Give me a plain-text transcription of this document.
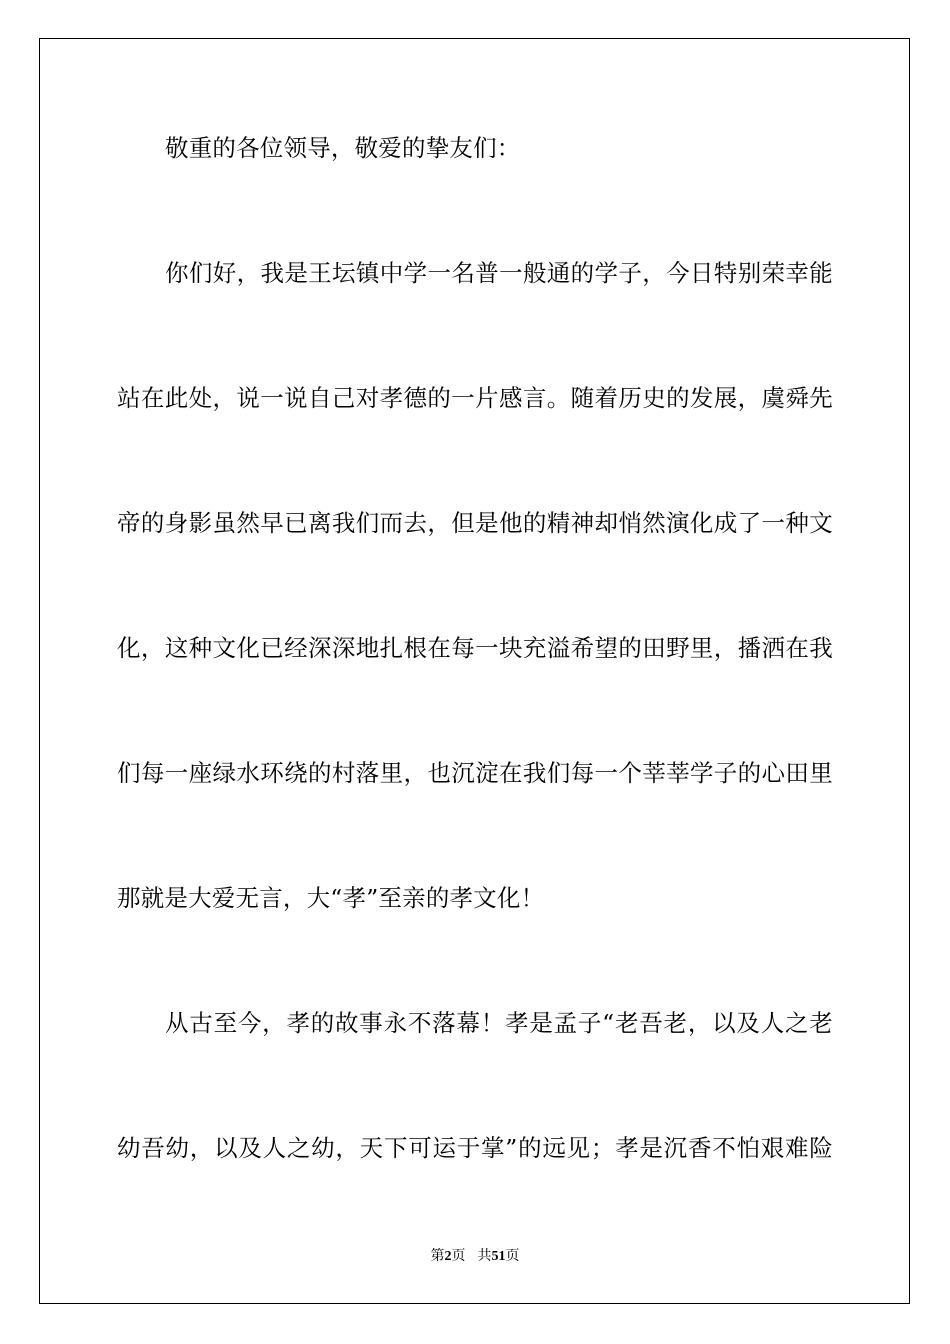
敬重的各位领导，敬爱的挚友们：
你们好，我是王坛镇中学一名普一般通的学子，今日特别荣幸能
站在此处，说一说自己对孝德的一片感言。随着历史的发展，虞舜先
帝的身影虽然早已离我们而去，但是他的精神却悄然演化成了一种文
化，这种文化已经深深地扎根在每一块充溢希望的田野里，播洒在我
们每一座绿水环绕的村落里，也沉淀在我们每一个莘莘学子的心田里
那就是大爱无言，大“孝”至亲的孝文化！
从古至今，孝的故事永不落幕！孝是孟子“老吾老，以及人之老
幼吾幼，以及人之幼，天下可运于掌”的远见；孝是沉香不怕艰难险
第2页 共51页
